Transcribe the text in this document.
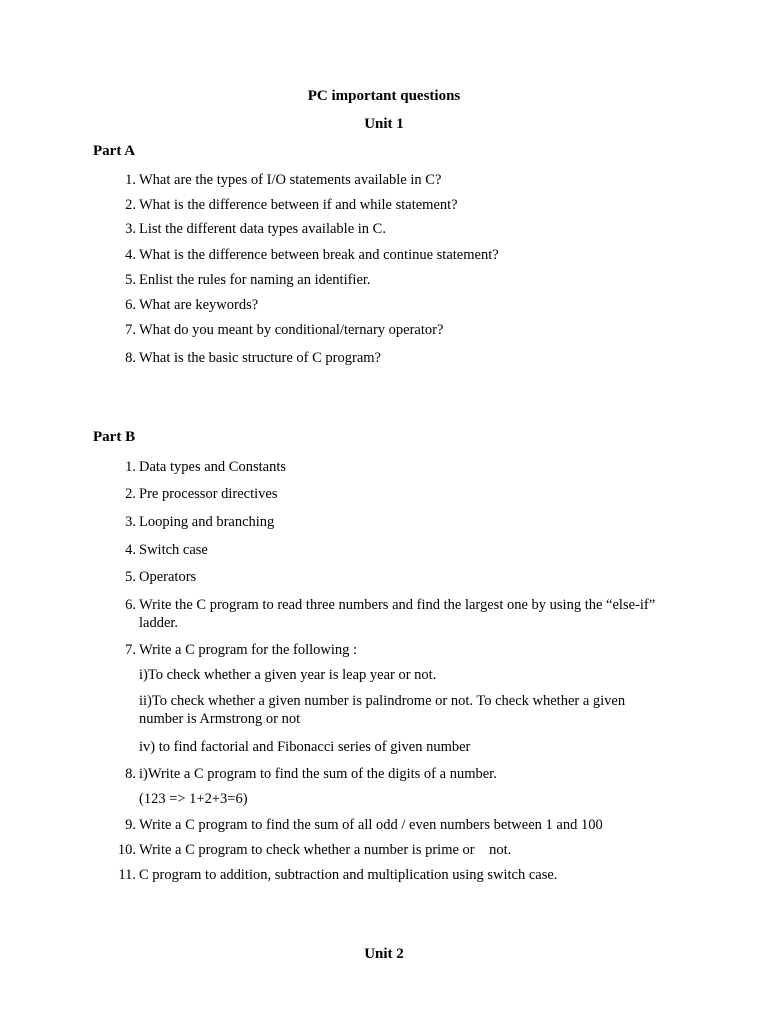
PC important questions
Unit 1
Part A
1. What are the types of I/O statements available in C?
2. What is the difference between if and while statement?
3. List the different data types available in C.
4. What is the difference between break and continue statement?
5. Enlist the rules for naming an identifier.
6. What are keywords?
7. What do you meant by conditional/ternary operator?
8. What is the basic structure of C program?
Part B
1. Data types and Constants
2. Pre processor directives
3. Looping and branching
4. Switch case
5. Operators
6. Write the C program to read three numbers and find the largest one by using the “else-if” ladder.
7. Write a C program for the following :
i)To check whether a given year is leap year or not.
ii)To check whether a given number is palindrome or not. To check whether a given number is Armstrong or not
iv) to find factorial and Fibonacci series of given number
8. i)Write a C program to find the sum of the digits of a number.
(123 => 1+2+3=6)
9. Write a C program to find the sum of all odd / even numbers between 1 and 100
10. Write a C program to check whether a number is prime or    not.
11. C program to addition, subtraction and multiplication using switch case.
Unit 2
